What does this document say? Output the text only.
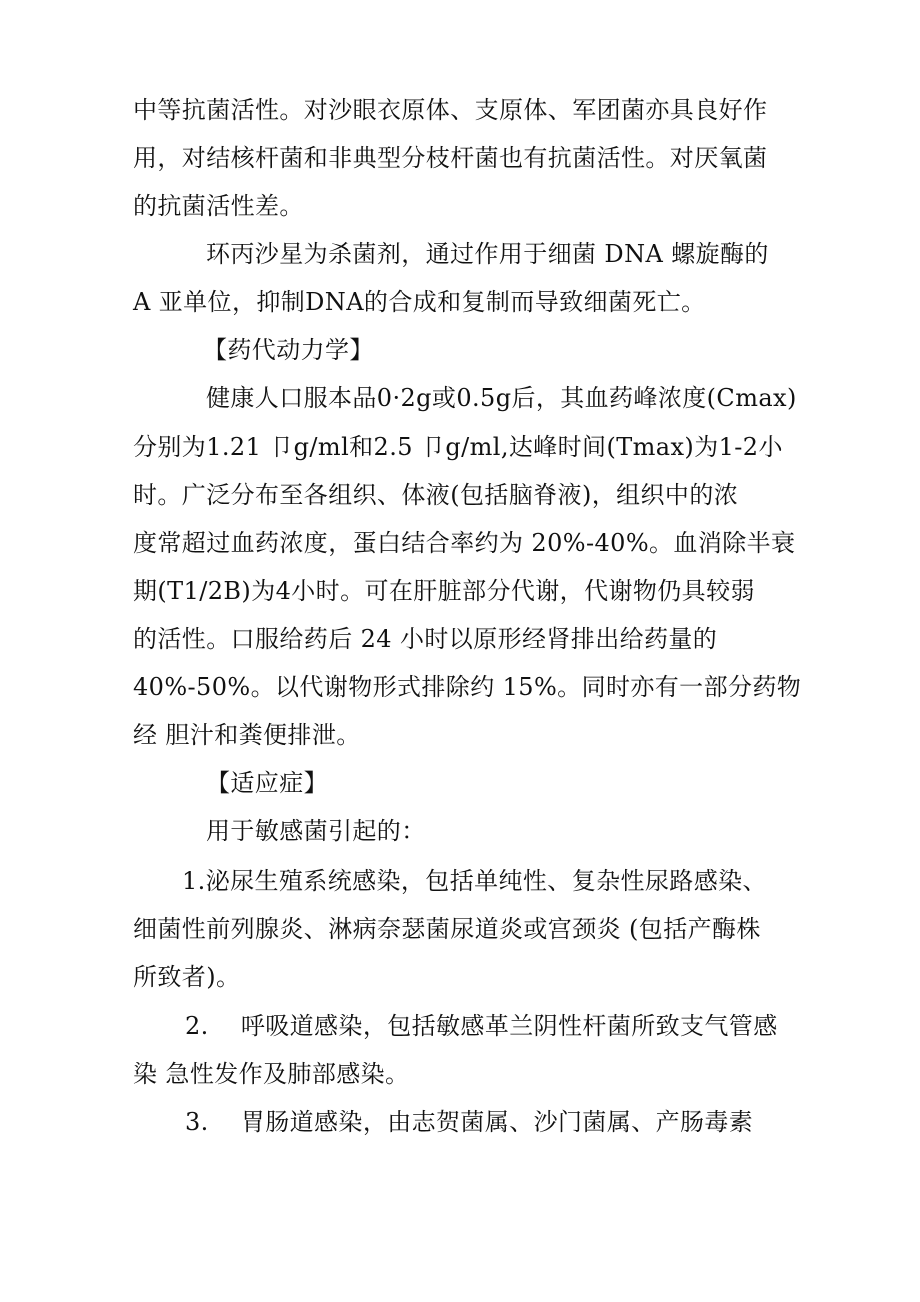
中等抗菌活性。对沙眼衣原体、支原体、军团菌亦具良好作
用，对结核杆菌和非典型分枝杆菌也有抗菌活性。对厌氧菌
的抗菌活性差。
环丙沙星为杀菌剂，通过作用于细菌 DNA 螺旋酶的
A 亚单位，抑制DNA的合成和复制而导致细菌死亡。
【药代动力学】
健康人口服本品0·2g或0.5g后，其血药峰浓度(Cmax)
分别为1.21 卩g/ml和2.5 卩g/ml,达峰时间(Tmax)为1-2小
时。广泛分布至各组织、体液(包括脑脊液)，组织中的浓
度常超过血药浓度，蛋白结合率约为 20%-40%。血消除半衰
期(T1/2B)为4小时。可在肝脏部分代谢，代谢物仍具较弱
的活性。口服给药后 24 小时以原形经肾排出给药量的
40%-50%。以代谢物形式排除约 15%。同时亦有一部分药物
经 胆汁和粪便排泄。
【适应症】
用于敏感菌引起的：
1.泌尿生殖系统感染，包括单纯性、复杂性尿路感染、
细菌性前列腺炎、淋病奈瑟菌尿道炎或宫颈炎 (包括产酶株
所致者)。
2.    呼吸道感染，包括敏感革兰阴性杆菌所致支气管感
染 急性发作及肺部感染。
3.    胃肠道感染，由志贺菌属、沙门菌属、产肠毒素
